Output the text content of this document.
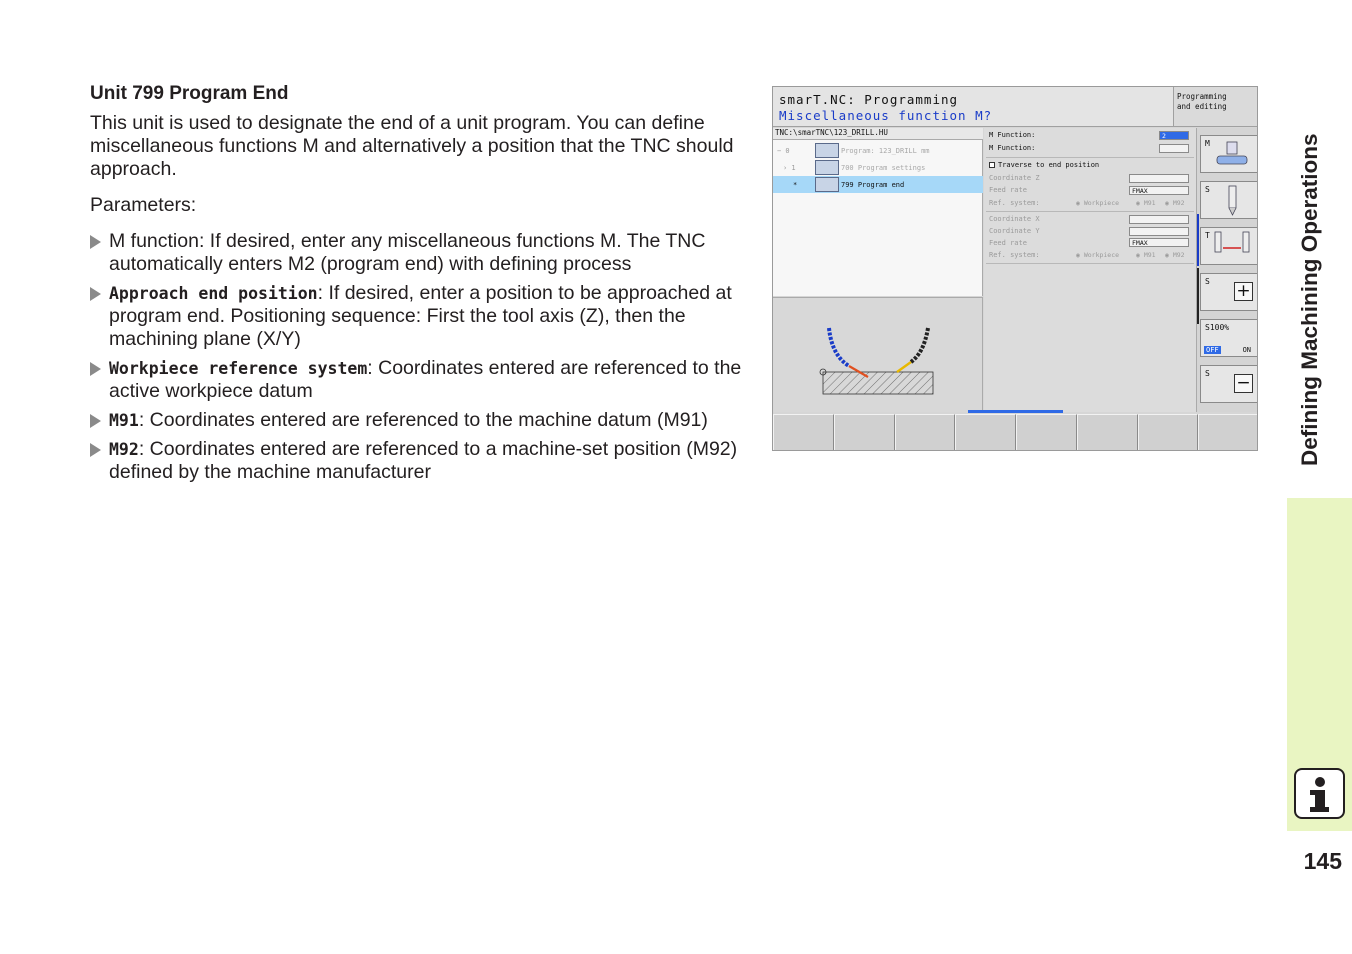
Unit 799 Program End

This unit is used to designate the end of a unit program. You can define miscellaneous functions M and alternatively a position that the TNC should approach.

Parameters:

M function: If desired, enter any miscellaneous functions M. The TNC automatically enters M2 (program end) with defining process
Approach end position: If desired, enter a position to be approached at program end. Positioning sequence: First the tool axis (Z), then the machining plane (X/Y)
Workpiece reference system: Coordinates entered are referenced to the active workpiece datum
M91: Coordinates entered are referenced to the machine datum (M91)
M92: Coordinates entered are referenced to a machine-set position (M92) defined by the machine manufacturer
smarT.NC: Programming
Miscellaneous function M?
Programming
and editing
TNC:\smarTNC\123_DRILL.HU
− 0	Program: 123_DRILL mm
› 1	700 Program settings
*	799 Program end
M Function:	2
M Function:
Traverse to end position
Coordinate Z
Feed rate	FMAX
Ref. system:	◉ Workpiece	◉ M91 ◉ M92
Coordinate X
Coordinate Y
Feed rate	FMAX
Ref. system:	◉ Workpiece	◉ M91 ◉ M92
M
S
T
S +
S100%
OFF	ON
S − Defining Machining Operations
145
